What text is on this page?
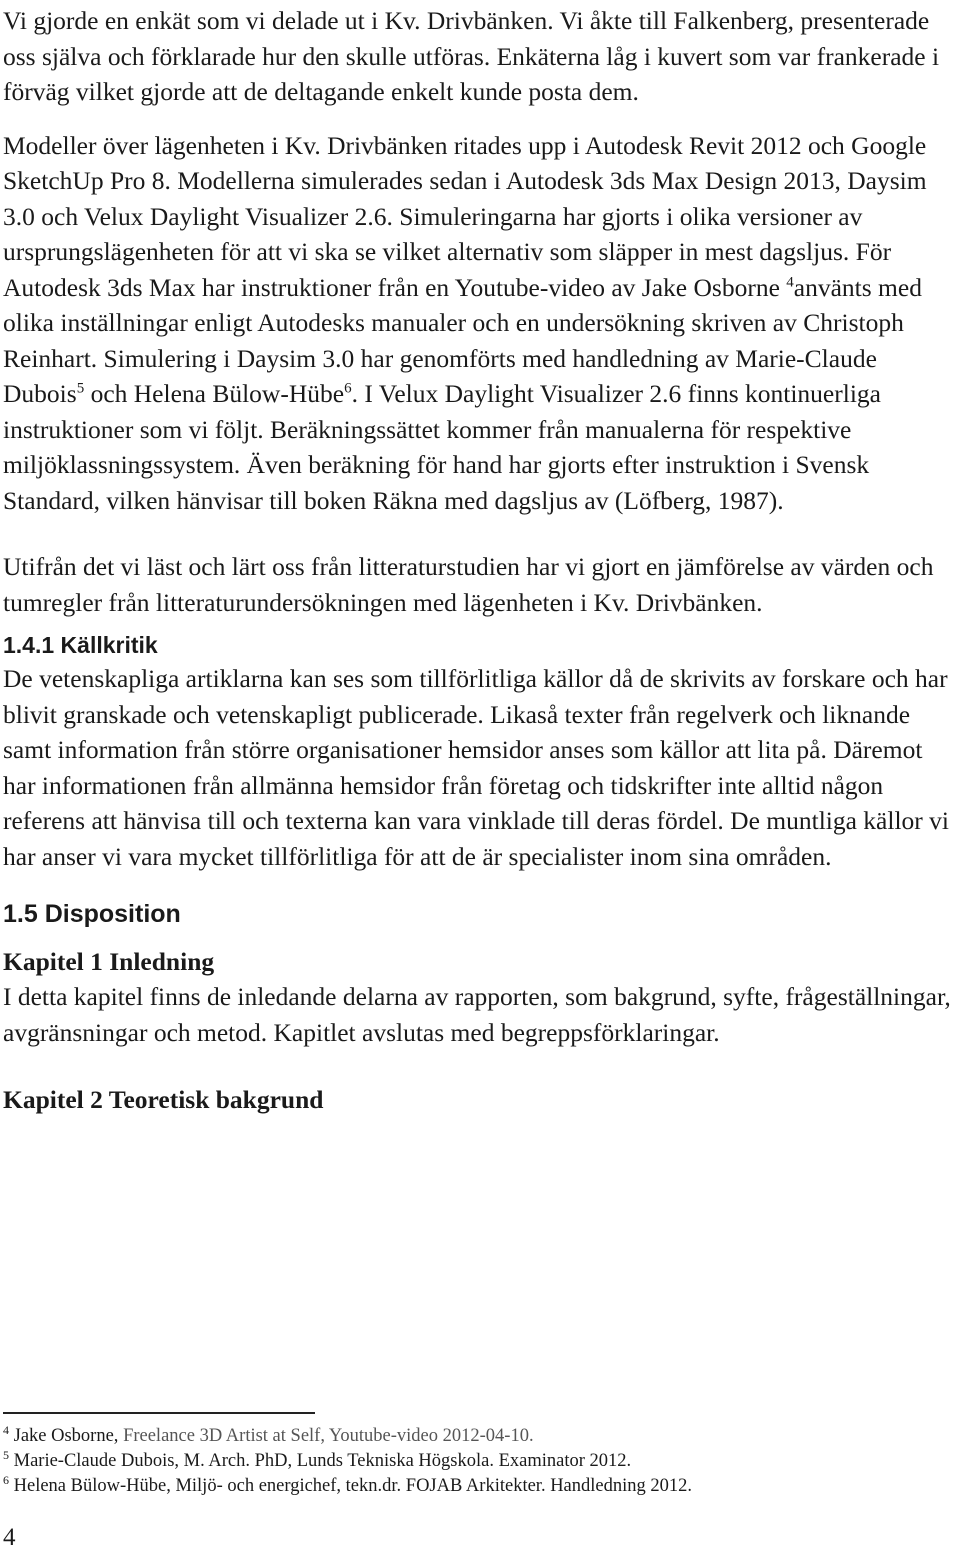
Vi gjorde en enkät som vi delade ut i Kv. Drivbänken. Vi åkte till Falkenberg, presenterade oss själva och förklarade hur den skulle utföras. Enkäterna låg i kuvert som var frankerade i förväg vilket gjorde att de deltagande enkelt kunde posta dem.

Modeller över lägenheten i Kv. Drivbänken ritades upp i Autodesk Revit 2012 och Google SketchUp Pro 8. Modellerna simulerades sedan i Autodesk 3ds Max Design 2013, Daysim 3.0 och Velux Daylight Visualizer 2.6. Simuleringarna har gjorts i olika versioner av ursprungslägenheten för att vi ska se vilket alternativ som släpper in mest dagsljus. För Autodesk 3ds Max har instruktioner från en Youtube-video av Jake Osborne $^4$använts med olika inställningar enligt Autodesks manualer och en undersökning skriven av Christoph Reinhart. Simulering i Daysim 3.0 har genomförts med handledning av Marie-Claude Dubois$^5$ och Helena Bülow-Hübe$^6$. I Velux Daylight Visualizer 2.6 finns kontinuerliga instruktioner som vi följt. Beräkningssättet kommer från manualerna för respektive miljöklassningssystem. Även beräkning för hand har gjorts efter instruktion i Svensk Standard, vilken hänvisar till boken Räkna med dagsljus av (Löfberg, 1987).

Utifrån det vi läst och lärt oss från litteraturstudien har vi gjort en jämförelse av värden och tumregler från litteraturundersökningen med lägenheten i Kv. Drivbänken.

1.4.1 Källkritik

De vetenskapliga artiklarna kan ses som tillförlitliga källor då de skrivits av forskare och har blivit granskade och vetenskapligt publicerade. Likaså texter från regelverk och liknande samt information från större organisationer hemsidor anses som källor att lita på. Däremot har informationen från allmänna hemsidor från företag och tidskrifter inte alltid någon referens att hänvisa till och texterna kan vara vinklade till deras fördel. De muntliga källor vi har anser vi vara mycket tillförlitliga för att de är specialister inom sina områden.

1.5 Disposition

Kapitel 1 Inledning

I detta kapitel finns de inledande delarna av rapporten, som bakgrund, syfte, frågeställningar, avgränsningar och metod. Kapitlet avslutas med begreppsförklaringar.

Kapitel 2 Teoretisk bakgrund

$^4$ Jake Osborne, Freelance 3D Artist at Self, Youtube-video 2012-04-10.

$^5$ Marie-Claude Dubois, M. Arch. PhD, Lunds Tekniska Högskola. Examinator 2012.

$^6$ Helena Bülow-Hübe, Miljö- och energichef, tekn.dr. FOJAB Arkitekter. Handledning 2012.

4
